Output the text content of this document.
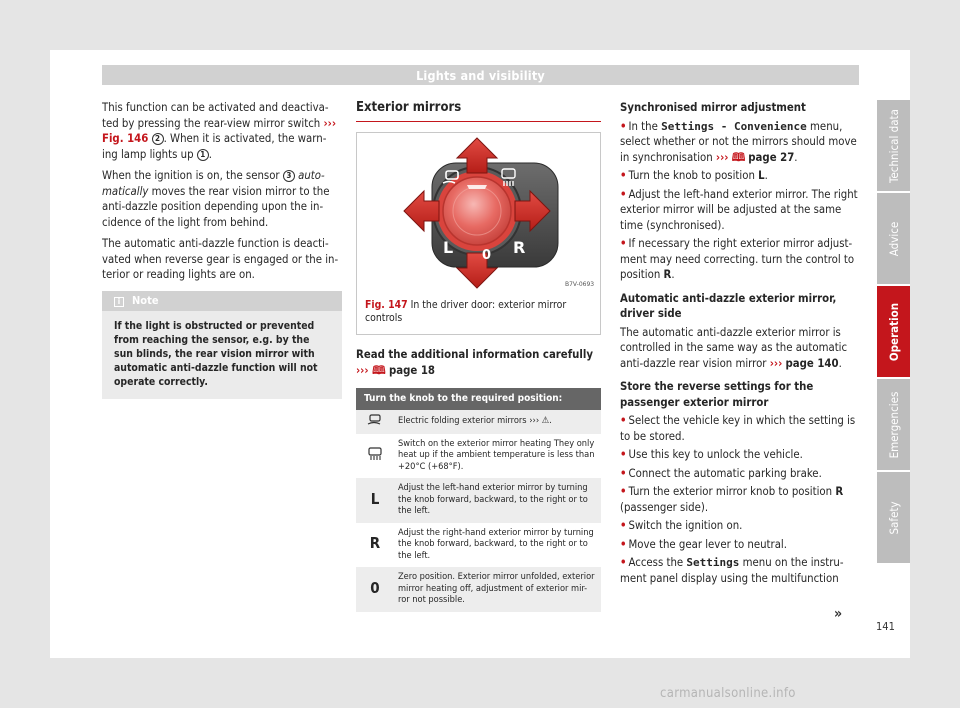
Lights and visibility

This function can be activated and deactiva-ted by pressing the rear-view mirror switch ››› Fig. 146 2 . When it is activated, the warn-ing lamp lights up 1 .

When the ignition is on, the sensor 3 auto-matically moves the rear vision mirror to the anti-dazzle position depending upon the in-cidence of the light from behind.

The automatic anti-dazzle function is deacti-vated when reverse gear is engaged or the in-terior or reading lights are on.

i Note
If the light is obstructed or prevented from reaching the sensor, e.g. by the sun blinds, the rear vision mirror with automatic anti-dazzle function will not operate correctly.
Exterior mirrors
L 0 R
B7V-0693
Fig. 147 In the driver door: exterior mirror controls
Read the additional information carefully ››› 🕮 page 18
Turn the knob to the required position:	
	Electric folding exterior mirrors ››› ⚠.
	Switch on the exterior mirror heating They only heat up if the ambient temperature is less than +20°C (+68°F).
L	Adjust the left-hand exterior mirror by turning the knob forward, backward, to the right or to the left.
R	Adjust the right-hand exterior mirror by turning the knob forward, backward, to the right or to the left.
0	Zero position. Exterior mirror unfolded, exterior mirror heating off, adjustment of exterior mir-ror not possible.

Synchronised mirror adjustment

• In the Settings - Convenience menu, select whether or not the mirrors should move in synchronisation ››› 🕮 page 27.

• Turn the knob to position L.

• Adjust the left-hand exterior mirror. The right exterior mirror will be adjusted at the same time (synchronised).

• If necessary the right exterior mirror adjust-ment may need correcting. turn the control to position R.

Automatic anti-dazzle exterior mirror, driver side

The automatic anti-dazzle exterior mirror is controlled in the same way as the automatic anti-dazzle rear vision mirror ››› page 140.

Store the reverse settings for the passenger exterior mirror

• Select the vehicle key in which the setting is to be stored.

• Use this key to unlock the vehicle.

• Connect the automatic parking brake.

• Turn the exterior mirror knob to position R (passenger side).

• Switch the ignition on.

• Move the gear lever to neutral.

• Access the Settings menu on the instru-ment panel display using the multifunction

»
141
Technical data
Advice
Operation
Emergencies
Safety
carmanualsonline.info
